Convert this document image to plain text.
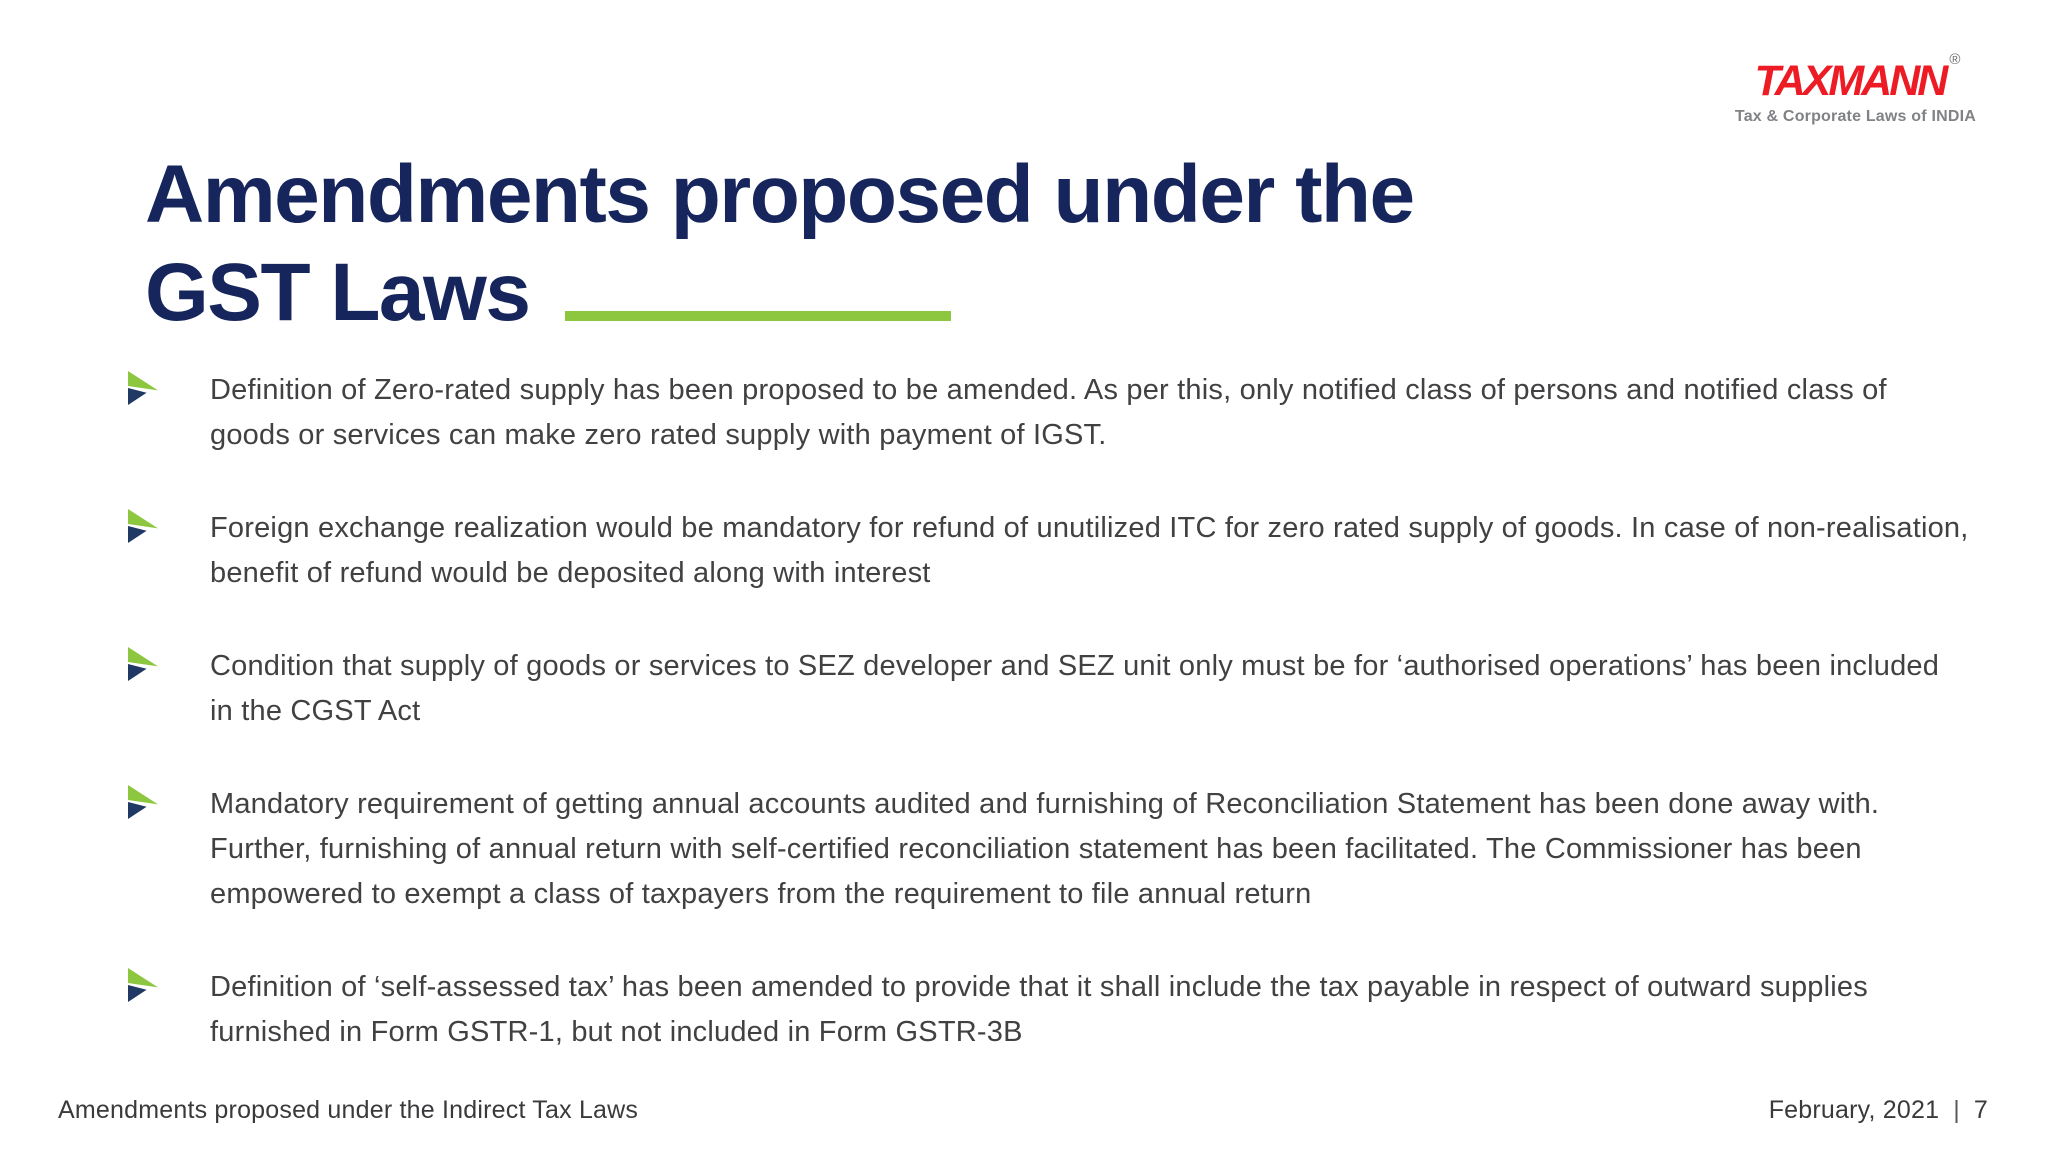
TAXMANN ®
Tax & Corporate Laws of INDIA
Amendments proposed under the
GST Laws
Definition of Zero-rated supply has been proposed to be amended. As per this, only notified class of persons and notified class of goods or services can make zero rated supply with payment of IGST.
Foreign exchange realization would be mandatory for refund of unutilized ITC for zero rated supply of goods. In case of non-realisation, benefit of refund would be deposited along with interest
Condition that supply of goods or services to SEZ developer and SEZ unit only must be for ‘authorised operations’ has been included in the CGST Act
Mandatory requirement of getting annual accounts audited and furnishing of Reconciliation Statement has been done away with. Further, furnishing of annual return with self-certified reconciliation statement has been facilitated. The Commissioner has been empowered to exempt a class of taxpayers from the requirement to file annual return
Definition of ‘self-assessed tax’ has been amended to provide that it shall include the tax payable in respect of outward supplies furnished in Form GSTR-1, but not included in Form GSTR-3B
Amendments proposed under the Indirect Tax Laws	February, 2021 | 7
